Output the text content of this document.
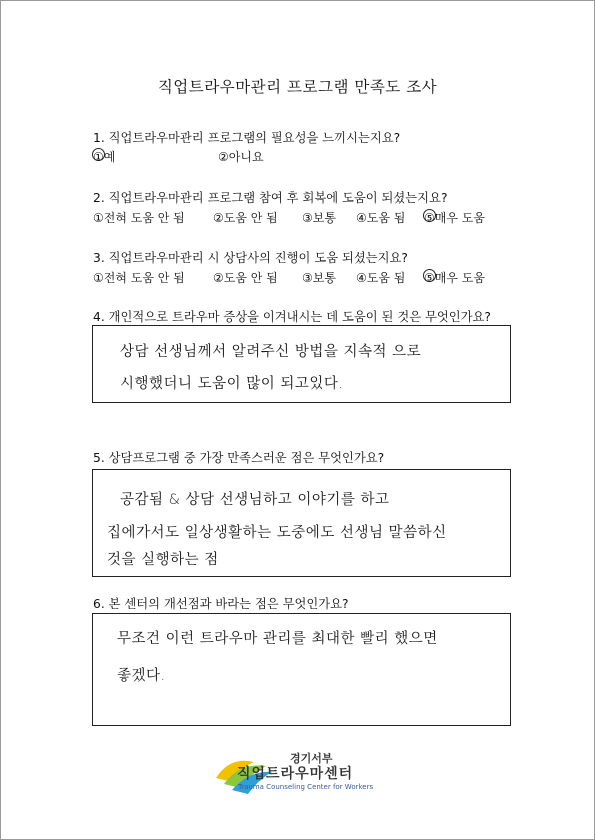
직업트라우마관리 프로그램 만족도 조사
1. 직업트라우마관리 프로그램의 필요성을 느끼시는지요?
①예	②아니요
2. 직업트라우마관리 프로그램 참여 후 회복에 도움이 되셨는지요?
①전혀 도움 안 됨 ②도움 안 됨 ③보통 ④도움 됨 ⑤매우 도움
3. 직업트라우마관리 시 상담사의 진행이 도움 되셨는지요?
①전혀 도움 안 됨 ②도움 안 됨 ③보통 ④도움 됨 ⑤매우 도움
4. 개인적으로 트라우마 증상을 이겨내시는 데 도움이 된 것은 무엇인가요?
상담 선생님께서 알려주신 방법을 지속적 으로
시행했더니 도움이 많이 되고있다.
5. 상담프로그램 중 가장 만족스러운 점은 무엇인가요?
공감됨 & 상담 선생님하고 이야기를 하고
집에가서도 일상생활하는 도중에도 선생님 말씀하신
것을 실행하는 점
6. 본 센터의 개선점과 바라는 점은 무엇인가요?
무조건 이런 트라우마 관리를 최대한 빨리 했으면
좋겠다.
경기서부
직업트라우마센터
Trauma Counseling Center for Workers
